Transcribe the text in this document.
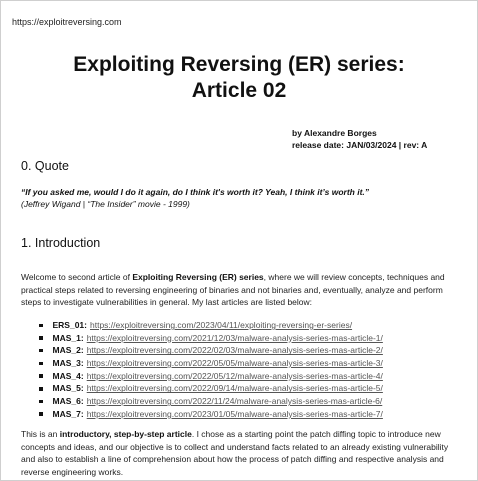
https://exploitreversing.com
Exploiting Reversing (ER) series:
Article 02
by Alexandre Borges
release date: JAN/03/2024 | rev: A
0. Quote
“If you asked me, would I do it again, do I think it's worth it? Yeah, I think it’s worth it.”
(Jeffrey Wigand | “The Insider” movie - 1999)
1. Introduction
Welcome to second article of Exploiting Reversing (ER) series, where we will review concepts, techniques and practical steps related to reversing engineering of binaries and not binaries and, eventually, analyze and perform steps to investigate vulnerabilities in general. My last articles are listed below:
ERS_01: https://exploitreversing.com/2023/04/11/exploiting-reversing-er-series/
MAS_1: https://exploitreversing.com/2021/12/03/malware-analysis-series-mas-article-1/
MAS_2: https://exploitreversing.com/2022/02/03/malware-analysis-series-mas-article-2/
MAS_3: https://exploitreversing.com/2022/05/05/malware-analysis-series-mas-article-3/
MAS_4: https://exploitreversing.com/2022/05/12/malware-analysis-series-mas-article-4/
MAS_5: https://exploitreversing.com/2022/09/14/malware-analysis-series-mas-article-5/
MAS_6: https://exploitreversing.com/2022/11/24/malware-analysis-series-mas-article-6/
MAS_7: https://exploitreversing.com/2023/01/05/malware-analysis-series-mas-article-7/
This is an introductory, step-by-step article. I chose as a starting point the patch diffing topic to introduce new concepts and ideas, and our objective is to collect and understand facts related to an already existing vulnerability and also to establish a line of comprehension about how the process of patch diffing and respective analysis and reverse engineering works.
